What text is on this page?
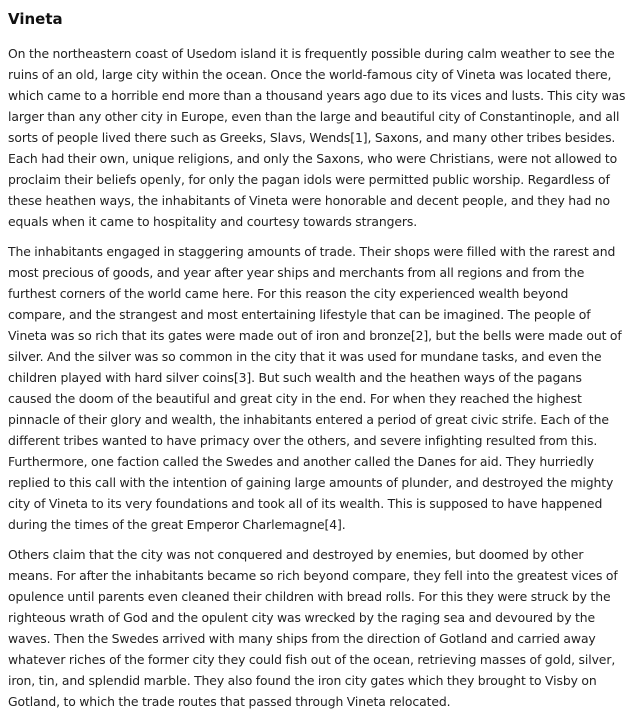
Vineta

On the northeastern coast of Usedom island it is frequently possible during calm weather to see the ruins of an old, large city within the ocean. Once the world-famous city of Vineta was located there, which came to a horrible end more than a thousand years ago due to its vices and lusts. This city was larger than any other city in Europe, even than the large and beautiful city of Constantinople, and all sorts of people lived there such as Greeks, Slavs, Wends[1], Saxons, and many other tribes besides. Each had their own, unique religions, and only the Saxons, who were Christians, were not allowed to proclaim their beliefs openly, for only the pagan idols were permitted public worship. Regardless of these heathen ways, the inhabitants of Vineta were honorable and decent people, and they had no equals when it came to hospitality and courtesy towards strangers.

The inhabitants engaged in staggering amounts of trade. Their shops were filled with the rarest and most precious of goods, and year after year ships and merchants from all regions and from the furthest corners of the world came here. For this reason the city experienced wealth beyond compare, and the strangest and most entertaining lifestyle that can be imagined. The people of Vineta was so rich that its gates were made out of iron and bronze[2], but the bells were made out of silver. And the silver was so common in the city that it was used for mundane tasks, and even the children played with hard silver coins[3]. But such wealth and the heathen ways of the pagans caused the doom of the beautiful and great city in the end. For when they reached the highest pinnacle of their glory and wealth, the inhabitants entered a period of great civic strife. Each of the different tribes wanted to have primacy over the others, and severe infighting resulted from this. Furthermore, one faction called the Swedes and another called the Danes for aid. They hurriedly replied to this call with the intention of gaining large amounts of plunder, and destroyed the mighty city of Vineta to its very foundations and took all of its wealth. This is supposed to have happened during the times of the great Emperor Charlemagne[4].

Others claim that the city was not conquered and destroyed by enemies, but doomed by other means. For after the inhabitants became so rich beyond compare, they fell into the greatest vices of opulence until parents even cleaned their children with bread rolls. For this they were struck by the righteous wrath of God and the opulent city was wrecked by the raging sea and devoured by the waves. Then the Swedes arrived with many ships from the direction of Gotland and carried away whatever riches of the former city they could fish out of the ocean, retrieving masses of gold, silver, iron, tin, and splendid marble. They also found the iron city gates which they brought to Visby on Gotland, to which the trade routes that passed through Vineta relocated.
